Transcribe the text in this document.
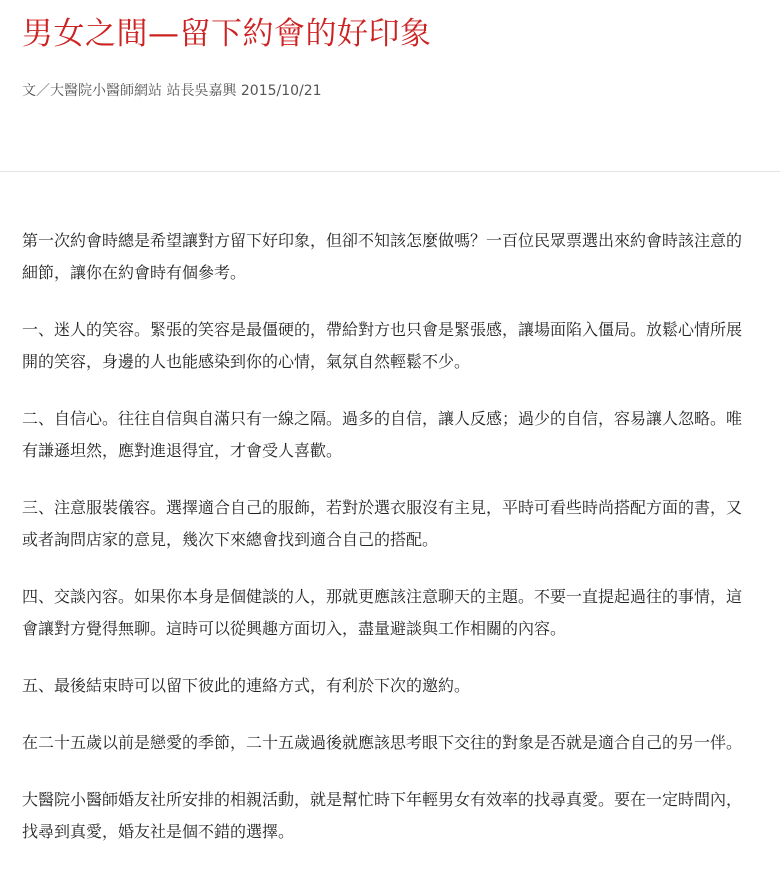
男女之間—留下約會的好印象
文／大醫院小醫師網站 站長吳嘉興 2015/10/21

第一次約會時總是希望讓對方留下好印象，但卻不知該怎麼做嗎？一百位民眾票選出來約會時該注意的細節，讓你在約會時有個參考。

一、迷人的笑容。緊張的笑容是最僵硬的，帶給對方也只會是緊張感，讓場面陷入僵局。放鬆心情所展開的笑容，身邊的人也能感染到你的心情，氣氛自然輕鬆不少。

二、自信心。往往自信與自滿只有一線之隔。過多的自信，讓人反感；過少的自信，容易讓人忽略。唯有謙遜坦然，應對進退得宜，才會受人喜歡。

三、注意服裝儀容。選擇適合自己的服飾，若對於選衣服沒有主見，平時可看些時尚搭配方面的書，又或者詢問店家的意見，幾次下來總會找到適合自己的搭配。

四、交談內容。如果你本身是個健談的人，那就更應該注意聊天的主題。不要一直提起過往的事情，這會讓對方覺得無聊。這時可以從興趣方面切入，盡量避談與工作相關的內容。

五、最後結束時可以留下彼此的連絡方式，有利於下次的邀約。

在二十五歲以前是戀愛的季節，二十五歲過後就應該思考眼下交往的對象是否就是適合自己的另一伴。

大醫院小醫師婚友社所安排的相親活動，就是幫忙時下年輕男女有效率的找尋真愛。要在一定時間內，找尋到真愛，婚友社是個不錯的選擇。
